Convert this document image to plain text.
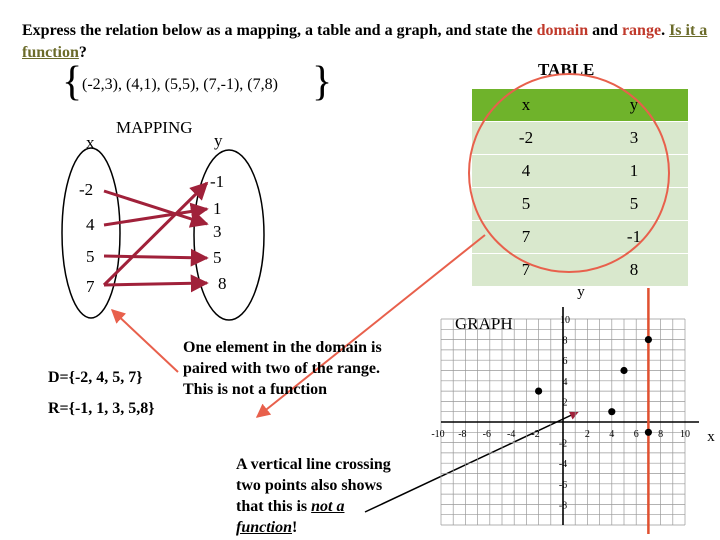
Express the relation below as a mapping, a table and a graph, and state the domain and range. Is it a function?
{ (-2,3), (4,1), (5,5), (7,-1), (7,8) }	TABLE
x	y
-2	3
4	1
5	5
7	-1
7	8
MAPPING
x	y
-2
4
5
7
-1
1
3
5
8
D={-2, 4, 5, 7}
R={-1, 1, 3, 5,8}
One element in the domain is paired with two of the range. This is not a function
A vertical line crossing two points also shows that this is not a function!
GRAPH
-10 -8 -6 -4 -2	2 4 6 8 10
10
8
6
4
2
-2
-4
-6
-8
y
x
